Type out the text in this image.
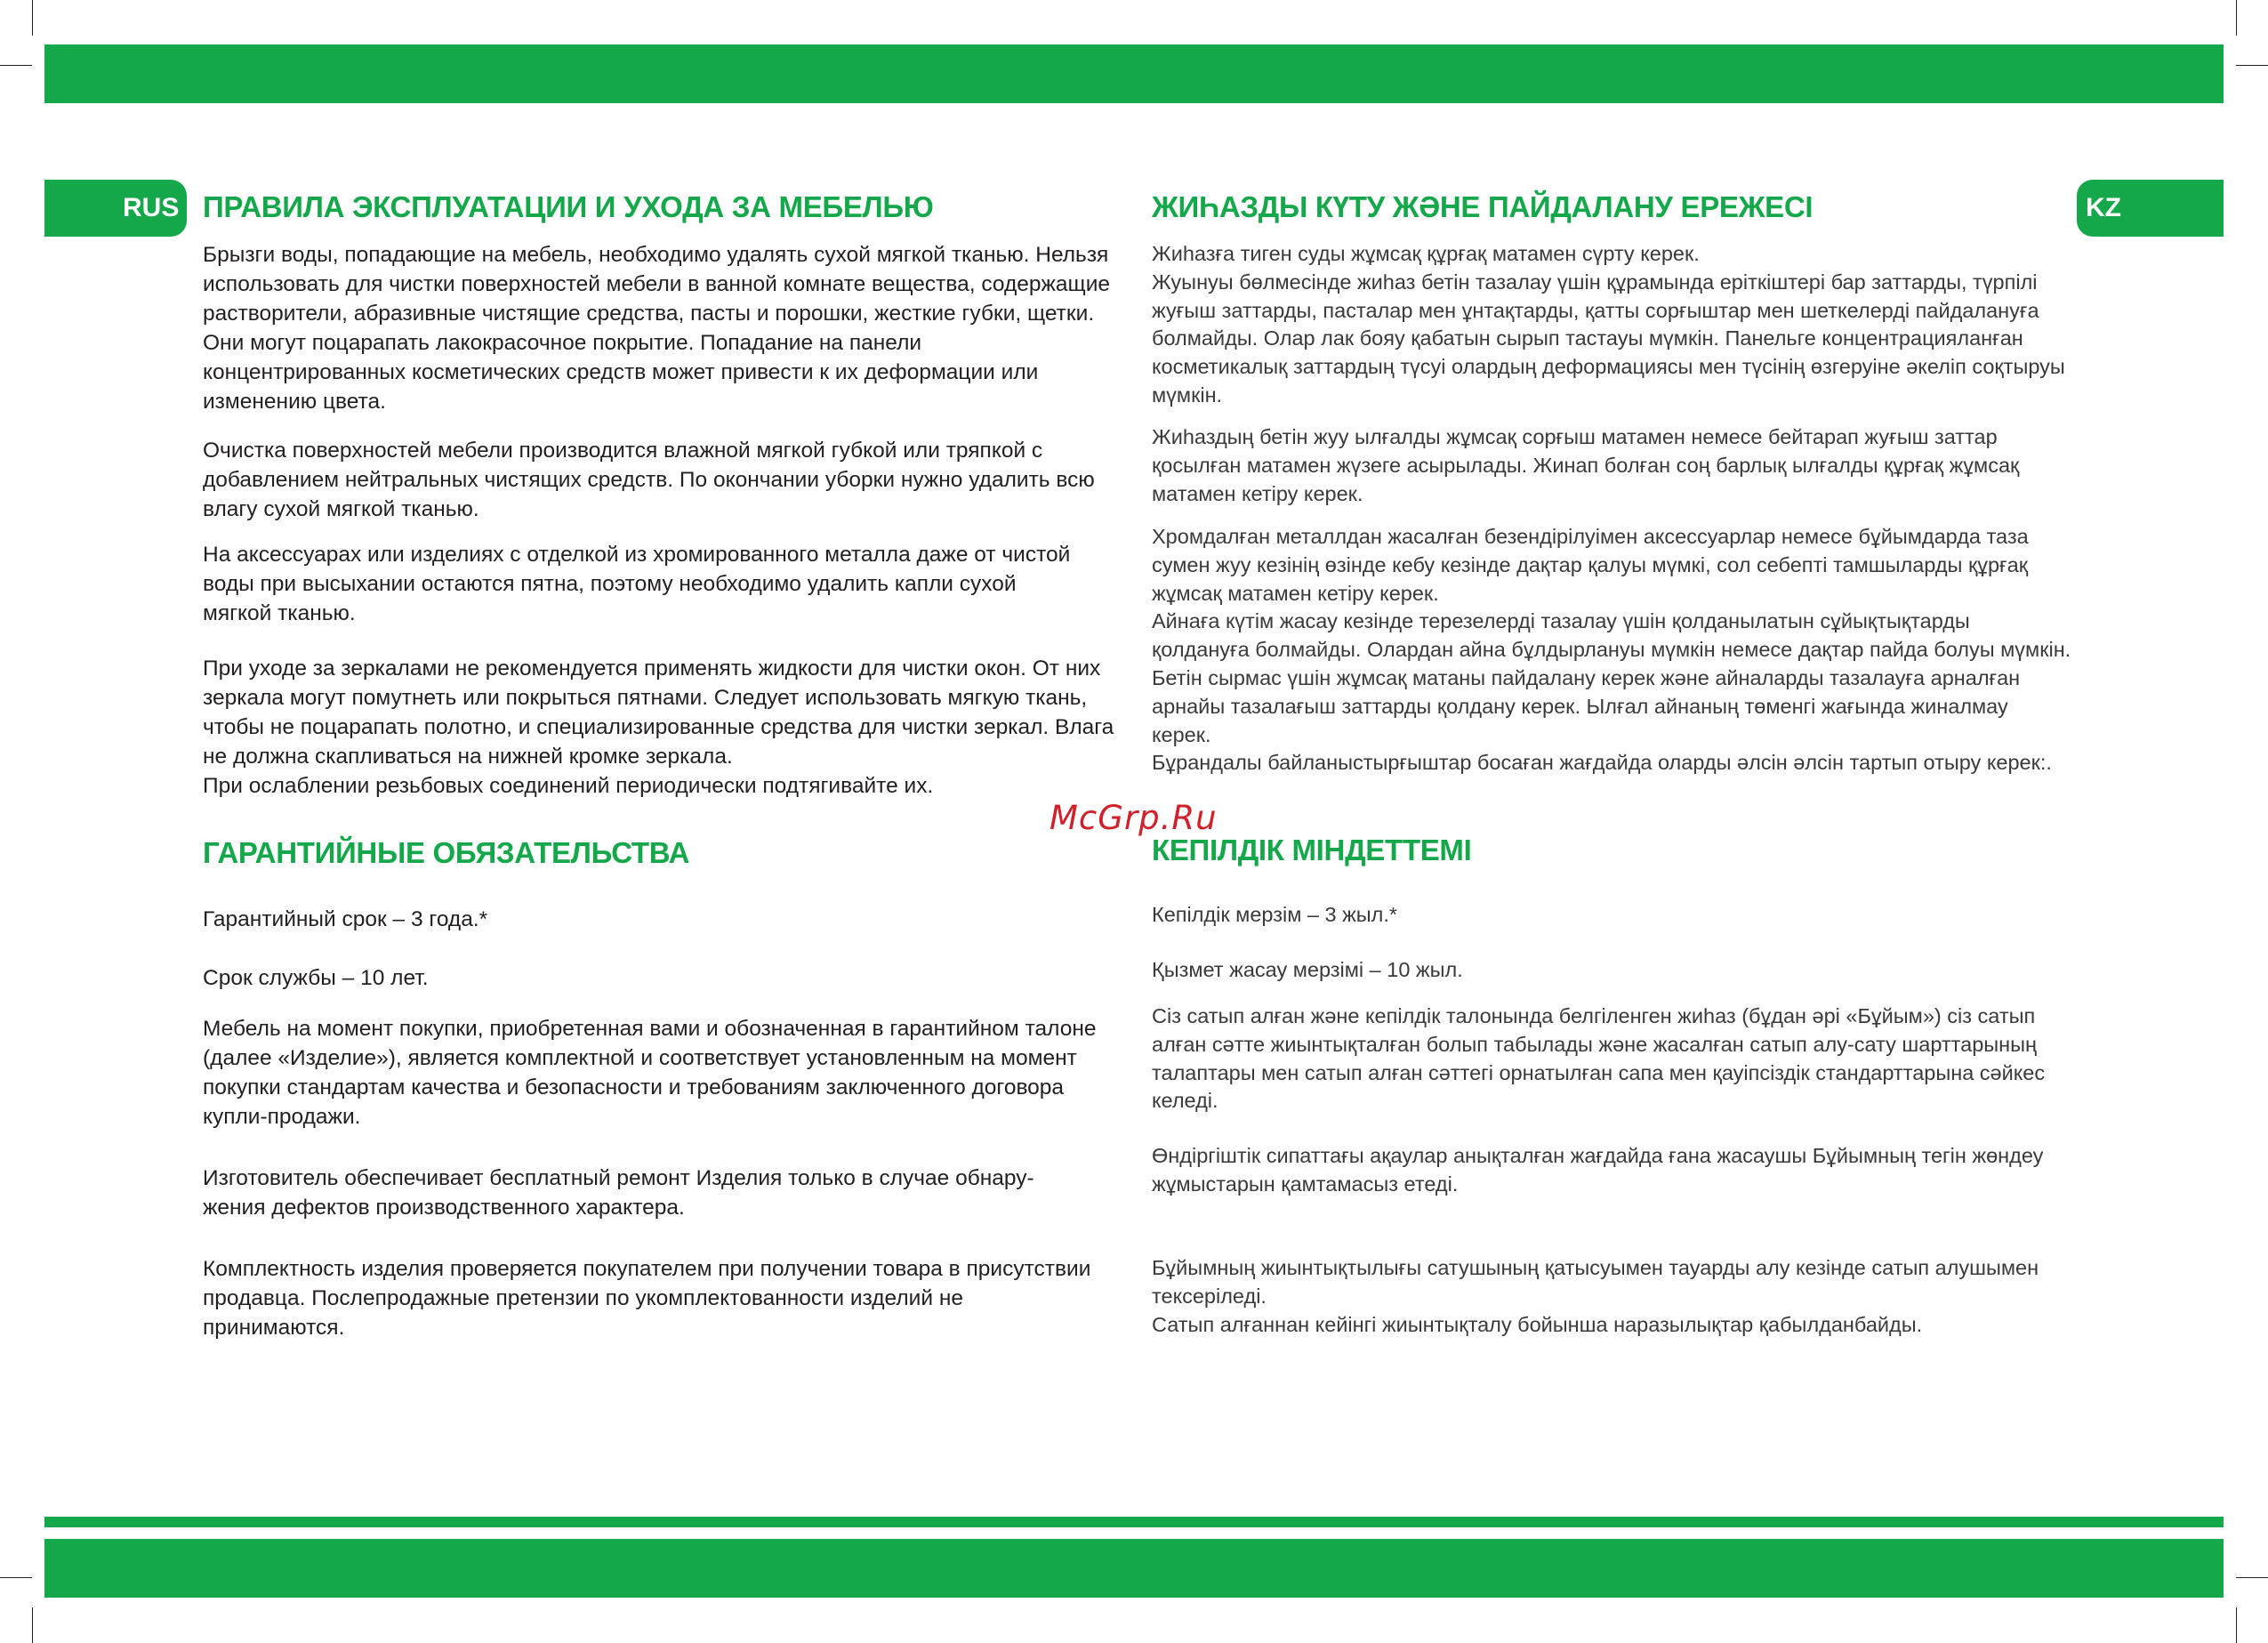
RUS	KZ
McGrp.Ru
ПРАВИЛА ЭКСПЛУАТАЦИИ И УХОДА ЗА МЕБЕЛЬЮ

Брызги воды, попадающие на мебель, необходимо удалять сухой мягкой тканью. Нельзя использовать для чистки поверхностей мебели в ванной комнате вещества, содержащие растворители, абразивные чистящие средства, пасты и порошки, жесткие губки, щетки. Они могут поцарапать лакокрасочное покрытие. Попадание на панели концентрированных косметических средств может привести к их деформации или изменению цвета.

Очистка поверхностей мебели производится влажной мягкой губкой или тряпкой с добавлением нейтральных чистящих средств. По окончании уборки нужно удалить всю влагу сухой мягкой тканью.

На аксессуарах или изделиях с отделкой из хромированного металла даже от чистой воды при высыхании остаются пятна, поэтому необходимо удалить капли сухой мягкой тканью.

При уходе за зеркалами не рекомендуется применять жидкости для чистки окон. От них зеркала могут помутнеть или покрыться пятнами. Следует использовать мягкую ткань, чтобы не поцарапать полотно, и специализированные средства для чистки зеркал. Влага не должна скапливаться на нижней кромке зеркала.
При ослаблении резьбовых соединений периодически подтягивайте их.

ГАРАНТИЙНЫЕ ОБЯЗАТЕЛЬСТВА

Гарантийный срок – 3 года.*

Срок службы – 10 лет.

Мебель на момент покупки, приобретенная вами и обозначенная в гарантийном талоне (далее «Изделие»), является комплектной и соответствует установленным на момент покупки стандартам качества и безопасности и требованиям заключенного договора купли-продажи.

Изготовитель обеспечивает бесплатный ремонт Изделия только в случае обнару-
жения дефектов производственного характера.

Комплектность изделия проверяется покупателем при получении товара в присутствии продавца. Послепродажные претензии по укомплектованности изделий не принимаются.

ЖИҺАЗДЫ КҮТУ ЖӘНЕ ПАЙДАЛАНУ ЕРЕЖЕСІ

Жиһазға тиген суды жұмсақ құрғақ матамен сүрту керек.
Жуынуы бөлмесінде жиһаз бетін тазалау үшін құрамында еріткіштері бар заттарды, түрпілі жуғыш заттарды, пасталар мен ұнтақтарды, қатты сорғыштар мен шеткелерді пайдалануға болмайды. Олар лак бояу қабатын сырып тастауы мүмкін. Панельге концентрацияланған косметикалық заттардың түсуі олардың деформациясы мен түсінің өзгеруіне әкеліп соқтыруы мүмкін.

Жиһаздың бетін жуу ылғалды жұмсақ сорғыш матамен немесе бейтарап жуғыш заттар қосылған матамен жүзеге асырылады. Жинап болған соң барлық ылғалды құрғақ жұмсақ матамен кетіру керек.

Хромдалған металлдан жасалған безендірілуімен аксессуарлар немесе бұйымдарда таза сумен жуу кезінің өзінде кебу кезінде дақтар қалуы мүмкі, сол себепті тамшыларды құрғақ жұмсақ матамен кетіру керек.
Айнаға күтім жасау кезінде терезелерді тазалау үшін қолданылатын сұйықтықтарды қолдануға болмайды. Олардан айна бұлдырлануы мүмкін немесе дақтар пайда болуы мүмкін. Бетін сырмас үшін жұмсақ матаны пайдалану керек және айналарды тазалауға арналған арнайы тазалағыш заттарды қолдану керек. Ылғал айнаның төменгі жағында жиналмау керек.
Бұрандалы байланыстырғыштар босаған жағдайда оларды әлсін әлсін тартып отыру керек:.

КЕПІЛДІК МІНДЕТТЕМІ

Кепілдік мерзім – 3 жыл.*

Қызмет жасау мерзімі – 10 жыл.

Сіз сатып алған және кепілдік талонында белгіленген жиһаз (бұдан әрі «Бұйым») сіз сатып алған сәтте жиынтықталған болып табылады және жасалған сатып алу-сату шарттарының талаптары мен сатып алған сәттегі орнатылған сапа мен қауіпсіздік стандарттарына сәйкес келеді.

Өндіргіштік сипаттағы ақаулар анықталған жағдайда ғана жасаушы Бұйымның тегін жөндеу жұмыстарын қамтамасыз етеді.

Бұйымның жиынтықтылығы сатушының қатысуымен тауарды алу кезінде сатып алушымен тексеріледі.
Сатып алғаннан кейінгі жиынтықталу бойынша наразылықтар қабылданбайды.
